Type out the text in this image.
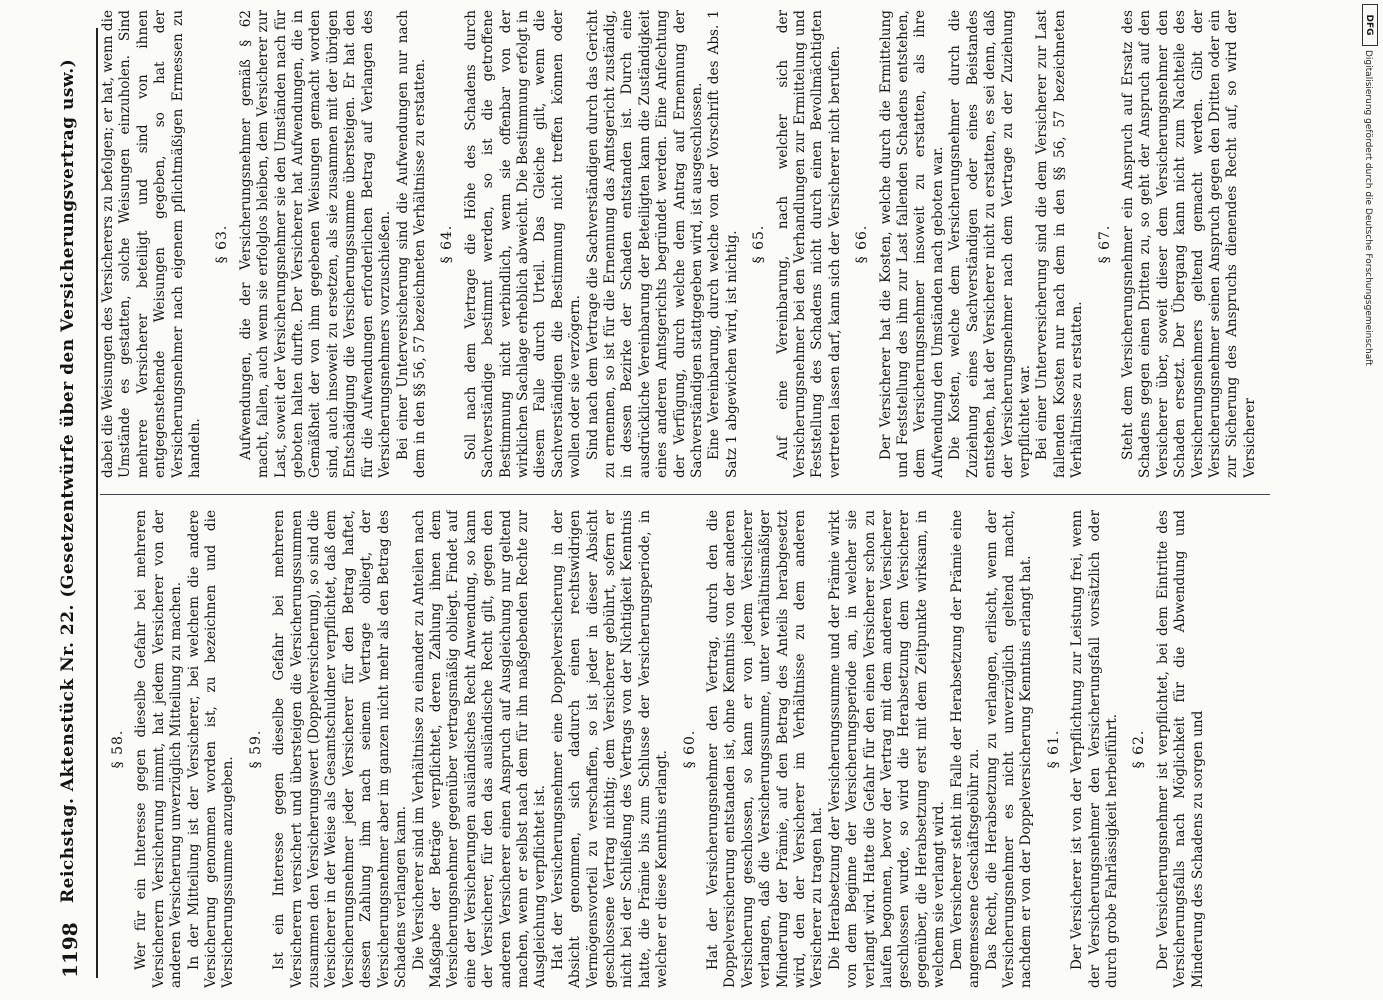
1198
Reichstag. Aktenstück Nr. 22. (Gesetzentwürfe über den Versicherungsvertrag usw.) § 58. Wer für ein Interesse gegen dieselbe Gefahr bei mehreren Versicherern Versicherung nimmt, hat jedem Versicherer von der anderen Versicherung unverzüglich Mitteilung zu machen. In der Mitteilung ist der Versicherer, bei welchem die andere Versicherung genommen worden ist, zu bezeichnen und die Versicherungssumme anzugeben.

§ 59. Ist ein Interesse gegen dieselbe Gefahr bei mehreren Versicherern versichert und übersteigen die Versicherungssummen zusammen den Versicherungswert (Doppelversicherung), so sind die Versicherer in der Weise als Gesamtschuldner verpflichtet, daß dem Versicherungsnehmer jeder Versicherer für den Betrag haftet, dessen Zahlung ihm nach seinem Vertrage obliegt, der Versicherungsnehmer aber im ganzen nicht mehr als den Betrag des Schadens verlangen kann. Die Versicherer sind im Verhältnisse zu einander zu Anteilen nach Maßgabe der Beträge verpflichtet, deren Zahlung ihnen dem Versicherungsnehmer gegenüber vertragsmäßig obliegt. Findet auf eine der Versicherungen ausländisches Recht Anwendung, so kann der Versicherer, für den das ausländische Recht gilt, gegen den anderen Versicherer einen Anspruch auf Ausgleichung nur geltend machen, wenn er selbst nach dem für ihn maßgebenden Rechte zur Ausgleichung verpflichtet ist. Hat der Versicherungsnehmer eine Doppelversicherung in der Absicht genommen, sich dadurch einen rechtswidrigen Vermögensvorteil zu verschaffen, so ist jeder in dieser Absicht geschlossene Vertrag nichtig; dem Versicherer gebührt, sofern er nicht bei der Schließung des Vertrags von der Nichtigkeit Kenntnis hatte, die Prämie bis zum Schlusse der Versicherungsperiode, in welcher er diese Kenntnis erlangt.

§ 60. Hat der Versicherungsnehmer den Vertrag, durch den die Doppelversicherung entstanden ist, ohne Kenntnis von der anderen Versicherung geschlossen, so kann er von jedem Versicherer verlangen, daß die Versicherungssumme, unter verhältnismäßiger Minderung der Prämie, auf den Betrag des Anteils herabgesetzt wird, den der Versicherer im Verhältnisse zu dem anderen Versicherer zu tragen hat. Die Herabsetzung der Versicherungssumme und der Prämie wirkt von dem Beginne der Versicherungsperiode an, in welcher sie verlangt wird. Hatte die Gefahr für den einen Versicherer schon zu laufen begonnen, bevor der Vertrag mit dem anderen Versicherer geschlossen wurde, so wird die Herabsetzung dem Versicherer gegenüber, die Herabsetzung erst mit dem Zeitpunkte wirksam, in welchem sie verlangt wird. Dem Versicherer steht im Falle der Herabsetzung der Prämie eine angemessene Geschäftsgebühr zu. Das Recht, die Herabsetzung zu verlangen, erlischt, wenn der Versicherungsnehmer es nicht unverzüglich geltend macht, nachdem er von der Doppelversicherung Kenntnis erlangt hat. § 61. Der Versicherer ist von der Verpflichtung zur Leistung frei, wenn der Versicherungsnehmer den Versicherungsfall vorsätzlich oder durch grobe Fahrlässigkeit herbeiführt. § 62. Der Versicherungsnehmer ist verpflichtet, bei dem Eintritte des Versicherungsfalls nach Möglichkeit für die Abwendung und Minderung des Schadens zu sorgen und

dabei die Weisungen des Versicherers zu befolgen; er hat, wenn die Umstände es gestatten, solche Weisungen einzuholen. Sind mehrere Versicherer beteiligt und sind von ihnen entgegenstehende Weisungen gegeben, so hat der Versicherungsnehmer nach eigenem pflichtmäßigen Ermessen zu handeln.

§ 63. Aufwendungen, die der Versicherungsnehmer gemäß § 62 macht, fallen, auch wenn sie erfolglos bleiben, dem Versicherer zur Last, soweit der Versicherungsnehmer sie den Umständen nach für geboten halten durfte. Der Versicherer hat Aufwendungen, die in Gemäßheit der von ihm gegebenen Weisungen gemacht worden sind, auch insoweit zu ersetzen, als sie zusammen mit der übrigen Entschädigung die Versicherungssumme übersteigen. Er hat den für die Aufwendungen erforderlichen Betrag auf Verlangen des Versicherungsnehmers vorzuschießen. Bei einer Unterversicherung sind die Aufwendungen nur nach dem in den §§ 56, 57 bezeichneten Verhältnisse zu erstatten. § 64. Soll nach dem Vertrage die Höhe des Schadens durch Sachverständige bestimmt werden, so ist die getroffene Bestimmung nicht verbindlich, wenn sie offenbar von der wirklichen Sachlage erheblich abweicht. Die Bestimmung erfolgt in diesem Falle durch Urteil. Das Gleiche gilt, wenn die Sachverständigen die Bestimmung nicht treffen können oder wollen oder sie verzögern. Sind nach dem Vertrage die Sachverständigen durch das Gericht zu ernennen, so ist für die Ernennung das Amtsgericht zuständig, in dessen Bezirke der Schaden entstanden ist. Durch eine ausdrückliche Vereinbarung der Beteiligten kann die Zuständigkeit eines anderen Amtsgerichts begründet werden. Eine Anfechtung der Verfügung, durch welche dem Antrag auf Ernennung der Sachverständigen stattgegeben wird, ist ausgeschlossen. Eine Vereinbarung, durch welche von der Vorschrift des Abs. 1 Satz 1 abgewichen wird, ist nichtig. § 65. Auf eine Vereinbarung, nach welcher sich der Versicherungsnehmer bei den Verhandlungen zur Ermittelung und Feststellung des Schadens nicht durch einen Bevollmächtigten vertreten lassen darf, kann sich der Versicherer nicht berufen. § 66. Der Versicherer hat die Kosten, welche durch die Ermittelung und Feststellung des ihm zur Last fallenden Schadens entstehen, dem Versicherungsnehmer insoweit zu erstatten, als ihre Aufwendung den Umständen nach geboten war. Die Kosten, welche dem Versicherungsnehmer durch die Zuziehung eines Sachverständigen oder eines Beistandes entstehen, hat der Versicherer nicht zu erstatten, es sei denn, daß der Versicherungsnehmer nach dem Vertrage zu der Zuziehung verpflichtet war. Bei einer Unterversicherung sind die dem Versicherer zur Last fallenden Kosten nur nach dem in den §§ 56, 57 bezeichneten Verhältnisse zu erstatten.

§ 67. Steht dem Versicherungsnehmer ein Anspruch auf Ersatz des Schadens gegen einen Dritten zu, so geht der Anspruch auf den Versicherer über, soweit dieser dem Versicherungsnehmer den Schaden ersetzt. Der Übergang kann nicht zum Nachteile des Versicherungsnehmers geltend gemacht werden. Gibt der Versicherungsnehmer seinen Anspruch gegen den Dritten oder ein zur Sicherung des Anspruchs dienendes Recht auf, so wird der Versicherer

DFG
Digitalisierung gefördert durch die Deutsche Forschungsgemeinschaft
